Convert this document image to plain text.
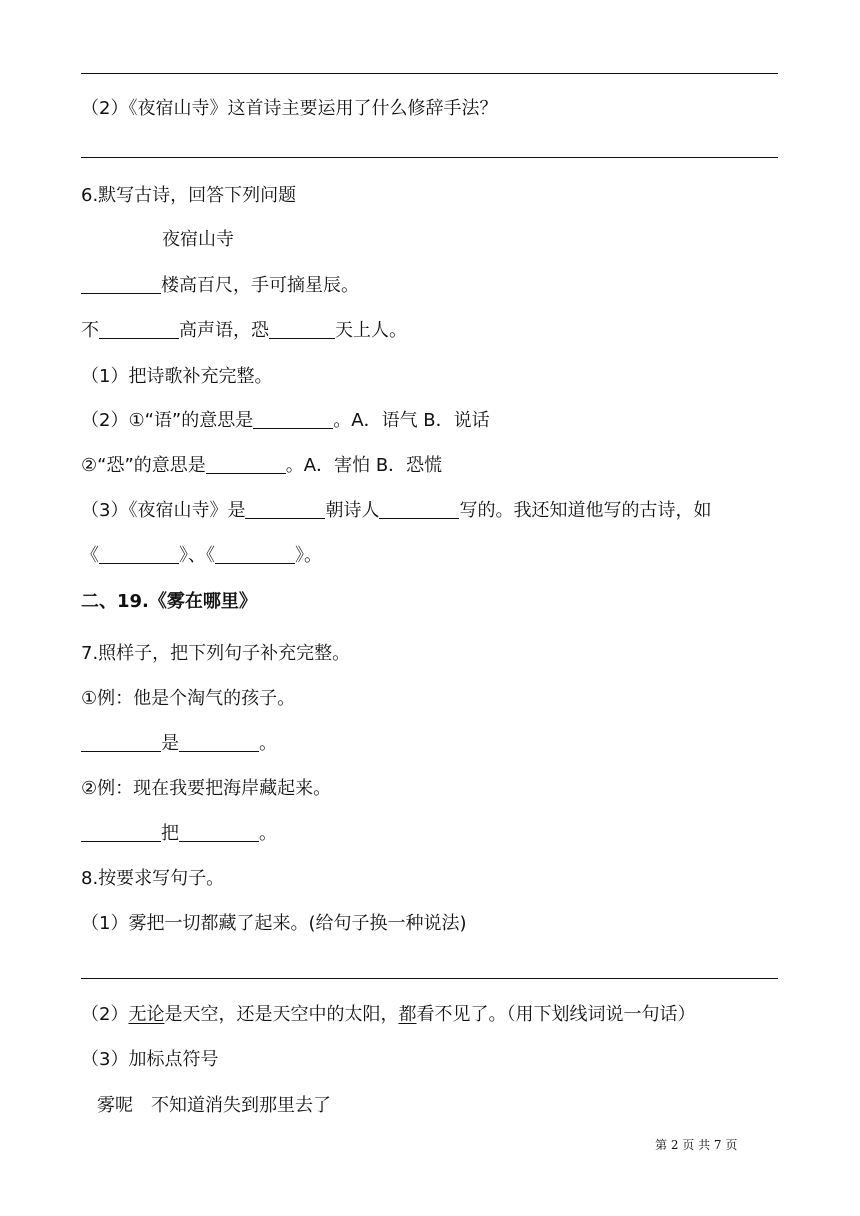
（2）《夜宿山寺》这首诗主要运用了什么修辞手法？
6.默写古诗，回答下列问题
夜宿山寺
楼高百尺，手可摘星辰。
不	高声语，恐	天上人。
（1）把诗歌补充完整。
（2）①“语”的意思是	。A．语气 B．说话
②“恐”的意思是	。A．害怕 B．恐慌
（3）《夜宿山寺》是	朝诗人	写的。我还知道他写的古诗，如
《	》、《	》。
二、19.《雾在哪里》
7.照样子，把下列句子补充完整。
①例：他是个淘气的孩子。
是	。
②例：现在我要把海岸藏起来。
把	。
8.按要求写句子。
（1）雾把一切都藏了起来。(给句子换一种说法)
（2）无论是天空，还是天空中的太阳，都看不见了。（用下划线词说一句话）
（3）加标点符号
雾呢 不知道消失到那里去了
第 2 页 共 7 页
